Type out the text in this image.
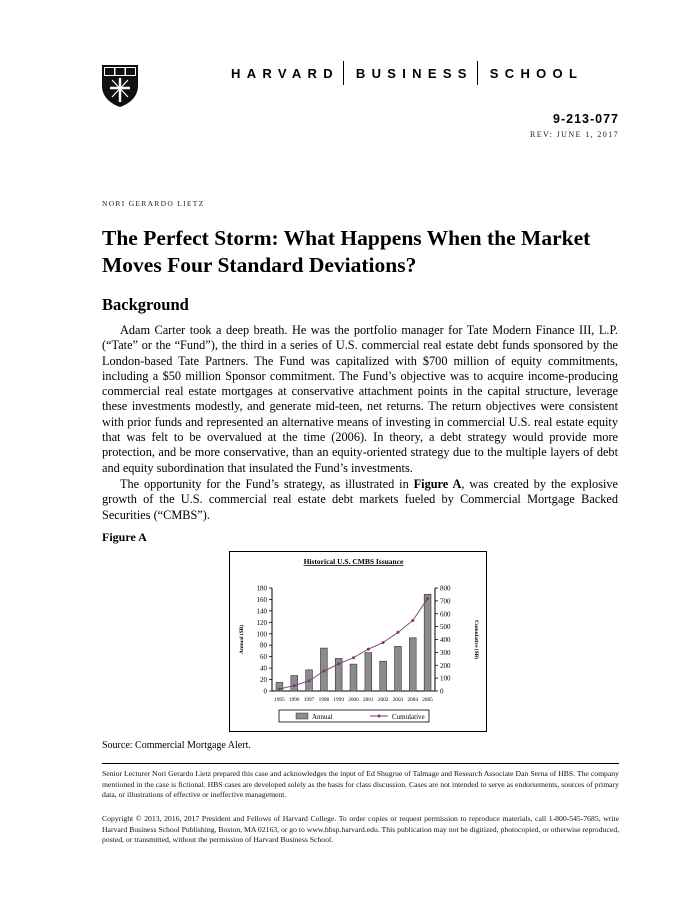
HARVARD BUSINESS SCHOOL
9-213-077
REV: JUNE 1, 2017
NORI GERARDO LIETZ
The Perfect Storm: What Happens When the Market Moves Four Standard Deviations?
Background

Adam Carter took a deep breath. He was the portfolio manager for Tate Modern Finance III, L.P. (“Tate” or the “Fund”), the third in a series of U.S. commercial real estate debt funds sponsored by the London-based Tate Partners. The Fund was capitalized with $700 million of equity commitments, including a $50 million Sponsor commitment. The Fund’s objective was to acquire income-producing commercial real estate mortgages at conservative attachment points in the capital structure, leverage these investments modestly, and generate mid-teen, net returns. The return objectives were consistent with prior funds and represented an alternative means of investing in commercial U.S. real estate equity that was felt to be overvalued at the time (2006). In theory, a debt strategy would provide more protection, and be more conservative, than an equity-oriented strategy due to the multiple layers of debt and equity subordination that insulated the Fund’s investments.

The opportunity for the Fund’s strategy, as illustrated in Figure A, was created by the explosive growth of the U.S. commercial real estate debt markets fueled by Commercial Mortgage Backed Securities (“CMBS”).

Figure A
Historical U.S. CMBS Issuance
0
20
40
60
80
100
120
140
160
180
0
100
200
300
400
500
600
700
800
Annual ($B)	Cumulative ($B)
1995 1996 1997 1998 1999 2000 2001 2002 2003 2004 2005
Annual	Cumulative
Source: Commercial Mortgage Alert.
Senior Lecturer Nori Gerardo Lietz prepared this case and acknowledges the input of Ed Shugrue of Talmage and Research Associate Dan Serna of HBS. The company mentioned in the case is fictional. HBS cases are developed solely as the basis for class discussion. Cases are not intended to serve as endorsements, sources of primary data, or illustrations of effective or ineffective management.
Copyright © 2013, 2016, 2017 President and Fellows of Harvard College. To order copies or request permission to reproduce materials, call 1-800-545-7685, write Harvard Business School Publishing, Boston, MA 02163, or go to www.hbsp.harvard.edu. This publication may not be digitized, photocopied, or otherwise reproduced, posted, or transmitted, without the permission of Harvard Business School.
